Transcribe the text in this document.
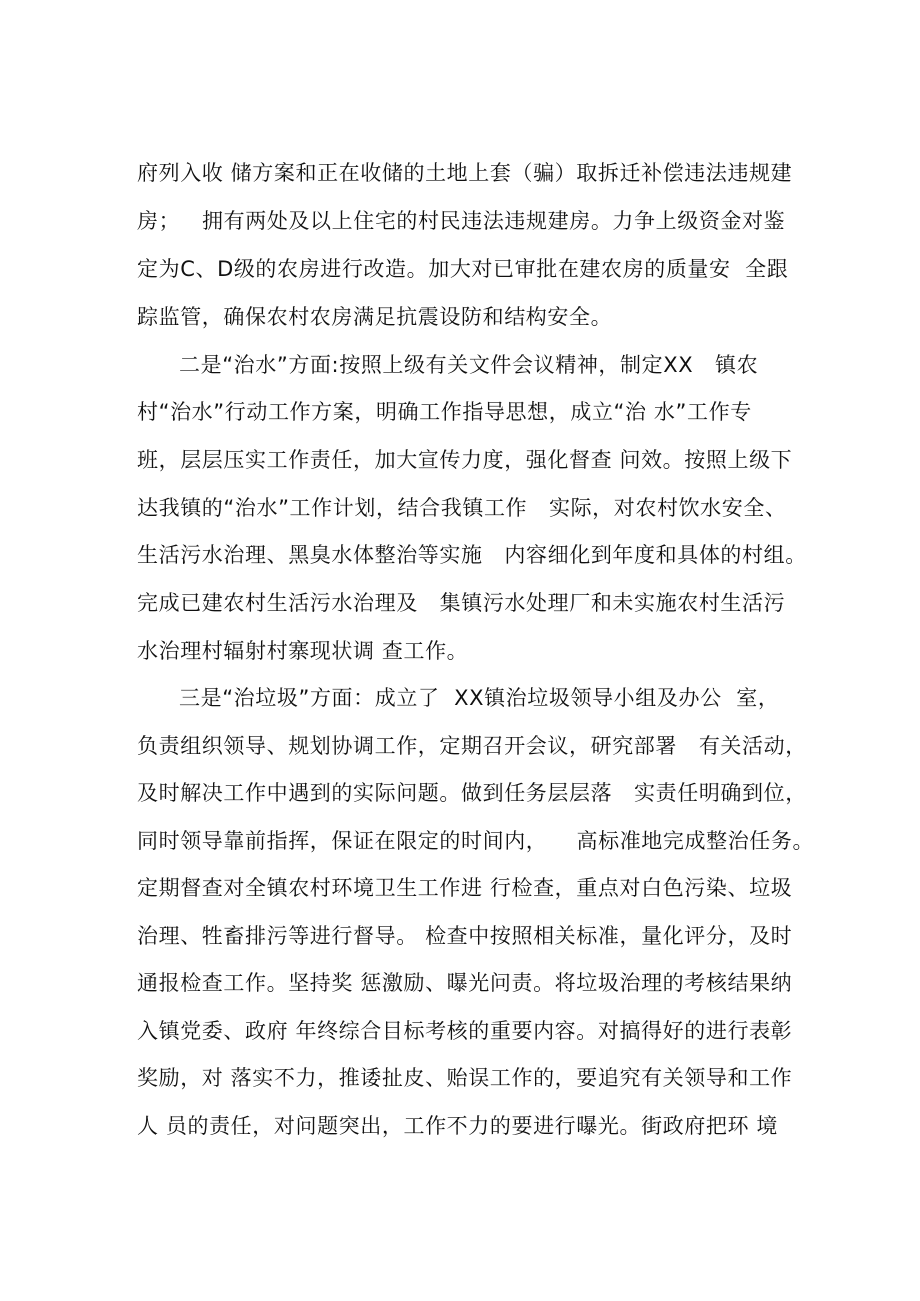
府列入收 储方案和正在收储的土地上套（骗）取拆迁补偿违法违规建
房；   拥有两处及以上住宅的村民违法违规建房。力争上级资金对鉴
定为C、D级的农房进行改造。加大对已审批在建农房的质量安  全跟
踪监管，确保农村农房满足抗震设防和结构安全。
二是“治水”方面:按照上级有关文件会议精神，制定XX   镇农
村“治水”行动工作方案，明确工作指导思想，成立“治 水”工作专
班，层层压实工作责任，加大宣传力度，强化督查 问效。按照上级下
达我镇的“治水”工作计划，结合我镇工作   实际，对农村饮水安全、
生活污水治理、黑臭水体整治等实施   内容细化到年度和具体的村组。
完成已建农村生活污水治理及   集镇污水处理厂和未实施农村生活污
水治理村辐射村寨现状调 查工作。
三是“治垃圾”方面：成立了  XX镇治垃圾领导小组及办公  室，
负责组织领导、规划协调工作，定期召开会议，研究部署   有关活动，
及时解决工作中遇到的实际问题。做到任务层层落   实责任明确到位，
同时领导靠前指挥，保证在限定的时间内，    高标准地完成整治任务。
定期督查对全镇农村环境卫生工作进 行检查，重点对白色污染、垃圾
治理、牲畜排污等进行督导。 检查中按照相关标准，量化评分，及时
通报检查工作。坚持奖 惩激励、曝光问责。将垃圾治理的考核结果纳
入镇党委、政府 年终综合目标考核的重要内容。对搞得好的进行表彰
奖励，对 落实不力，推诿扯皮、贻误工作的，要追究有关领导和工作
人 员的责任，对问题突出，工作不力的要进行曝光。街政府把环 境
